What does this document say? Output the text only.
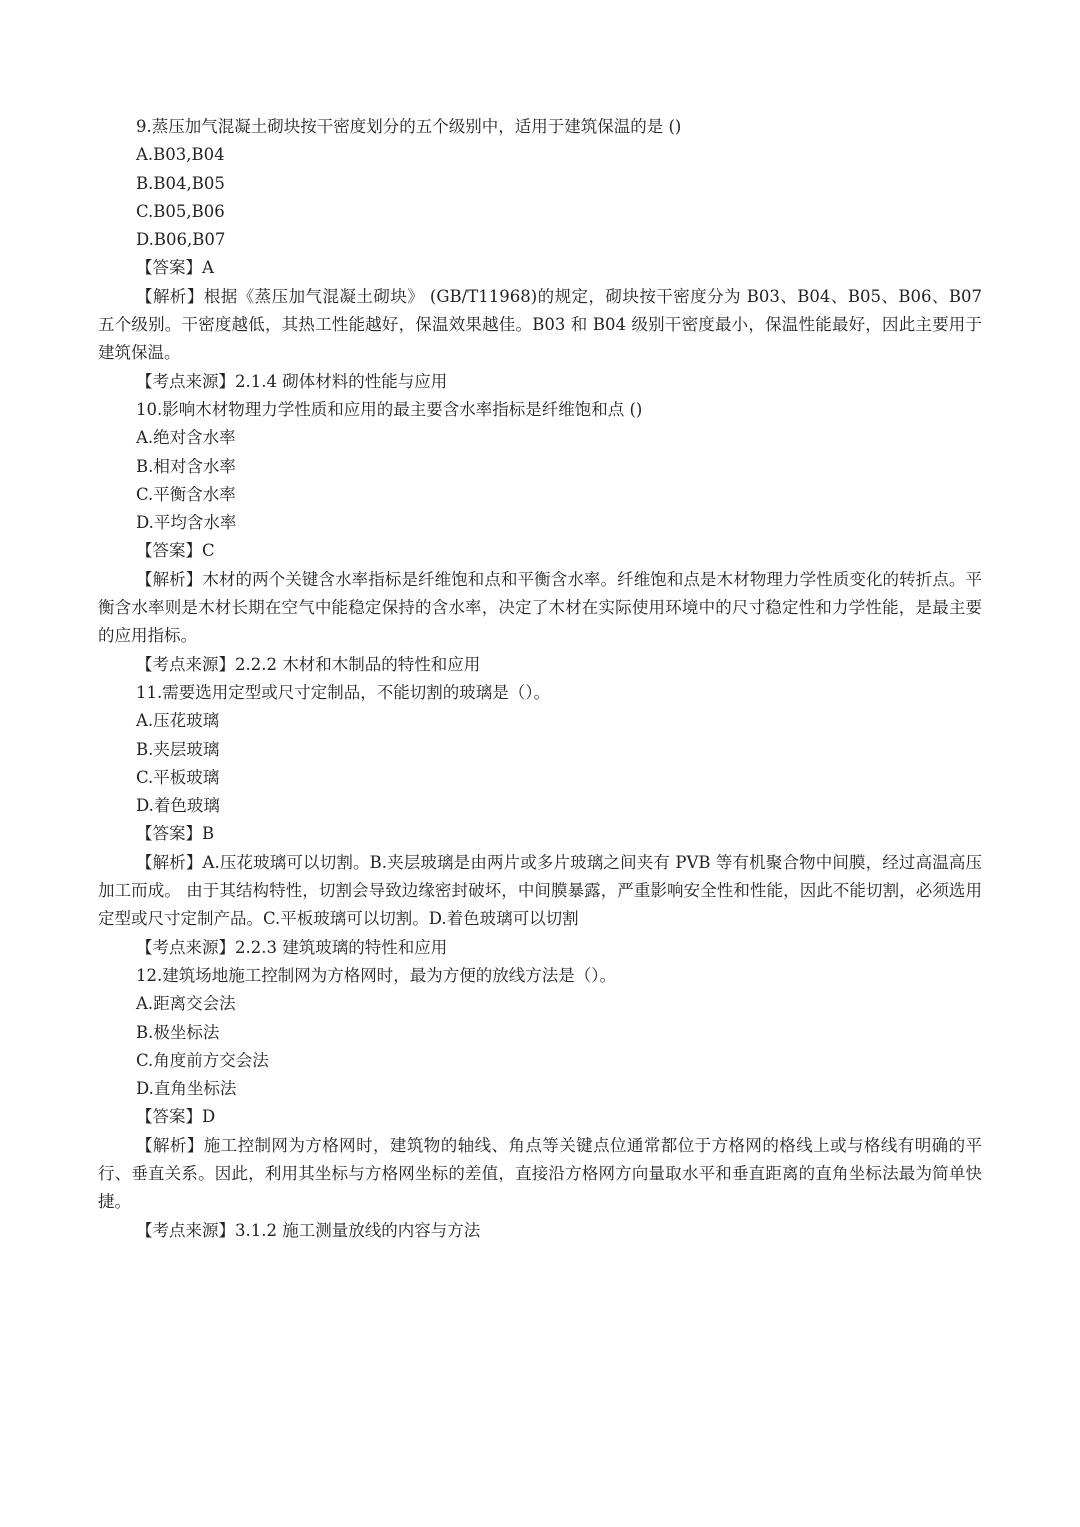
9.蒸压加气混凝土砌块按干密度划分的五个级别中，适用于建筑保温的是 ()
A.B03,B04
B.B04,B05
C.B05,B06
D.B06,B07
【答案】A

【解析】根据《蒸压加气混凝土砌块》 (GB/T11968)的规定，砌块按干密度分为 B03、B04、B05、B06、B07 五个级别。干密度越低，其热工性能越好，保温效果越佳。B03 和 B04 级别干密度最小，保温性能最好，因此主要用于建筑保温。

【考点来源】2.1.4 砌体材料的性能与应用
10.影响木材物理力学性质和应用的最主要含水率指标是纤维饱和点 ()
A.绝对含水率
B.相对含水率
C.平衡含水率
D.平均含水率
【答案】C

【解析】木材的两个关键含水率指标是纤维饱和点和平衡含水率。纤维饱和点是木材物理力学性质变化的转折点。平衡含水率则是木材长期在空气中能稳定保持的含水率，决定了木材在实际使用环境中的尺寸稳定性和力学性能，是最主要的应用指标。

【考点来源】2.2.2 木材和木制品的特性和应用
11.需要选用定型或尺寸定制品，不能切割的玻璃是（）。
A.压花玻璃
B.夹层玻璃
C.平板玻璃
D.着色玻璃
【答案】B

【解析】A.压花玻璃可以切割。B.夹层玻璃是由两片或多片玻璃之间夹有 PVB 等有机聚合物中间膜，经过高温高压加工而成。 由于其结构特性，切割会导致边缘密封破坏，中间膜暴露，严重影响安全性和性能，因此不能切割，必须选用定型或尺寸定制产品。C.平板玻璃可以切割。D.着色玻璃可以切割

【考点来源】2.2.3 建筑玻璃的特性和应用
12.建筑场地施工控制网为方格网时，最为方便的放线方法是（）。
A.距离交会法
B.极坐标法
C.角度前方交会法
D.直角坐标法
【答案】D

【解析】施工控制网为方格网时，建筑物的轴线、角点等关键点位通常都位于方格网的格线上或与格线有明确的平行、垂直关系。因此，利用其坐标与方格网坐标的差值，直接沿方格网方向量取水平和垂直距离的直角坐标法最为简单快捷。

【考点来源】3.1.2 施工测量放线的内容与方法
